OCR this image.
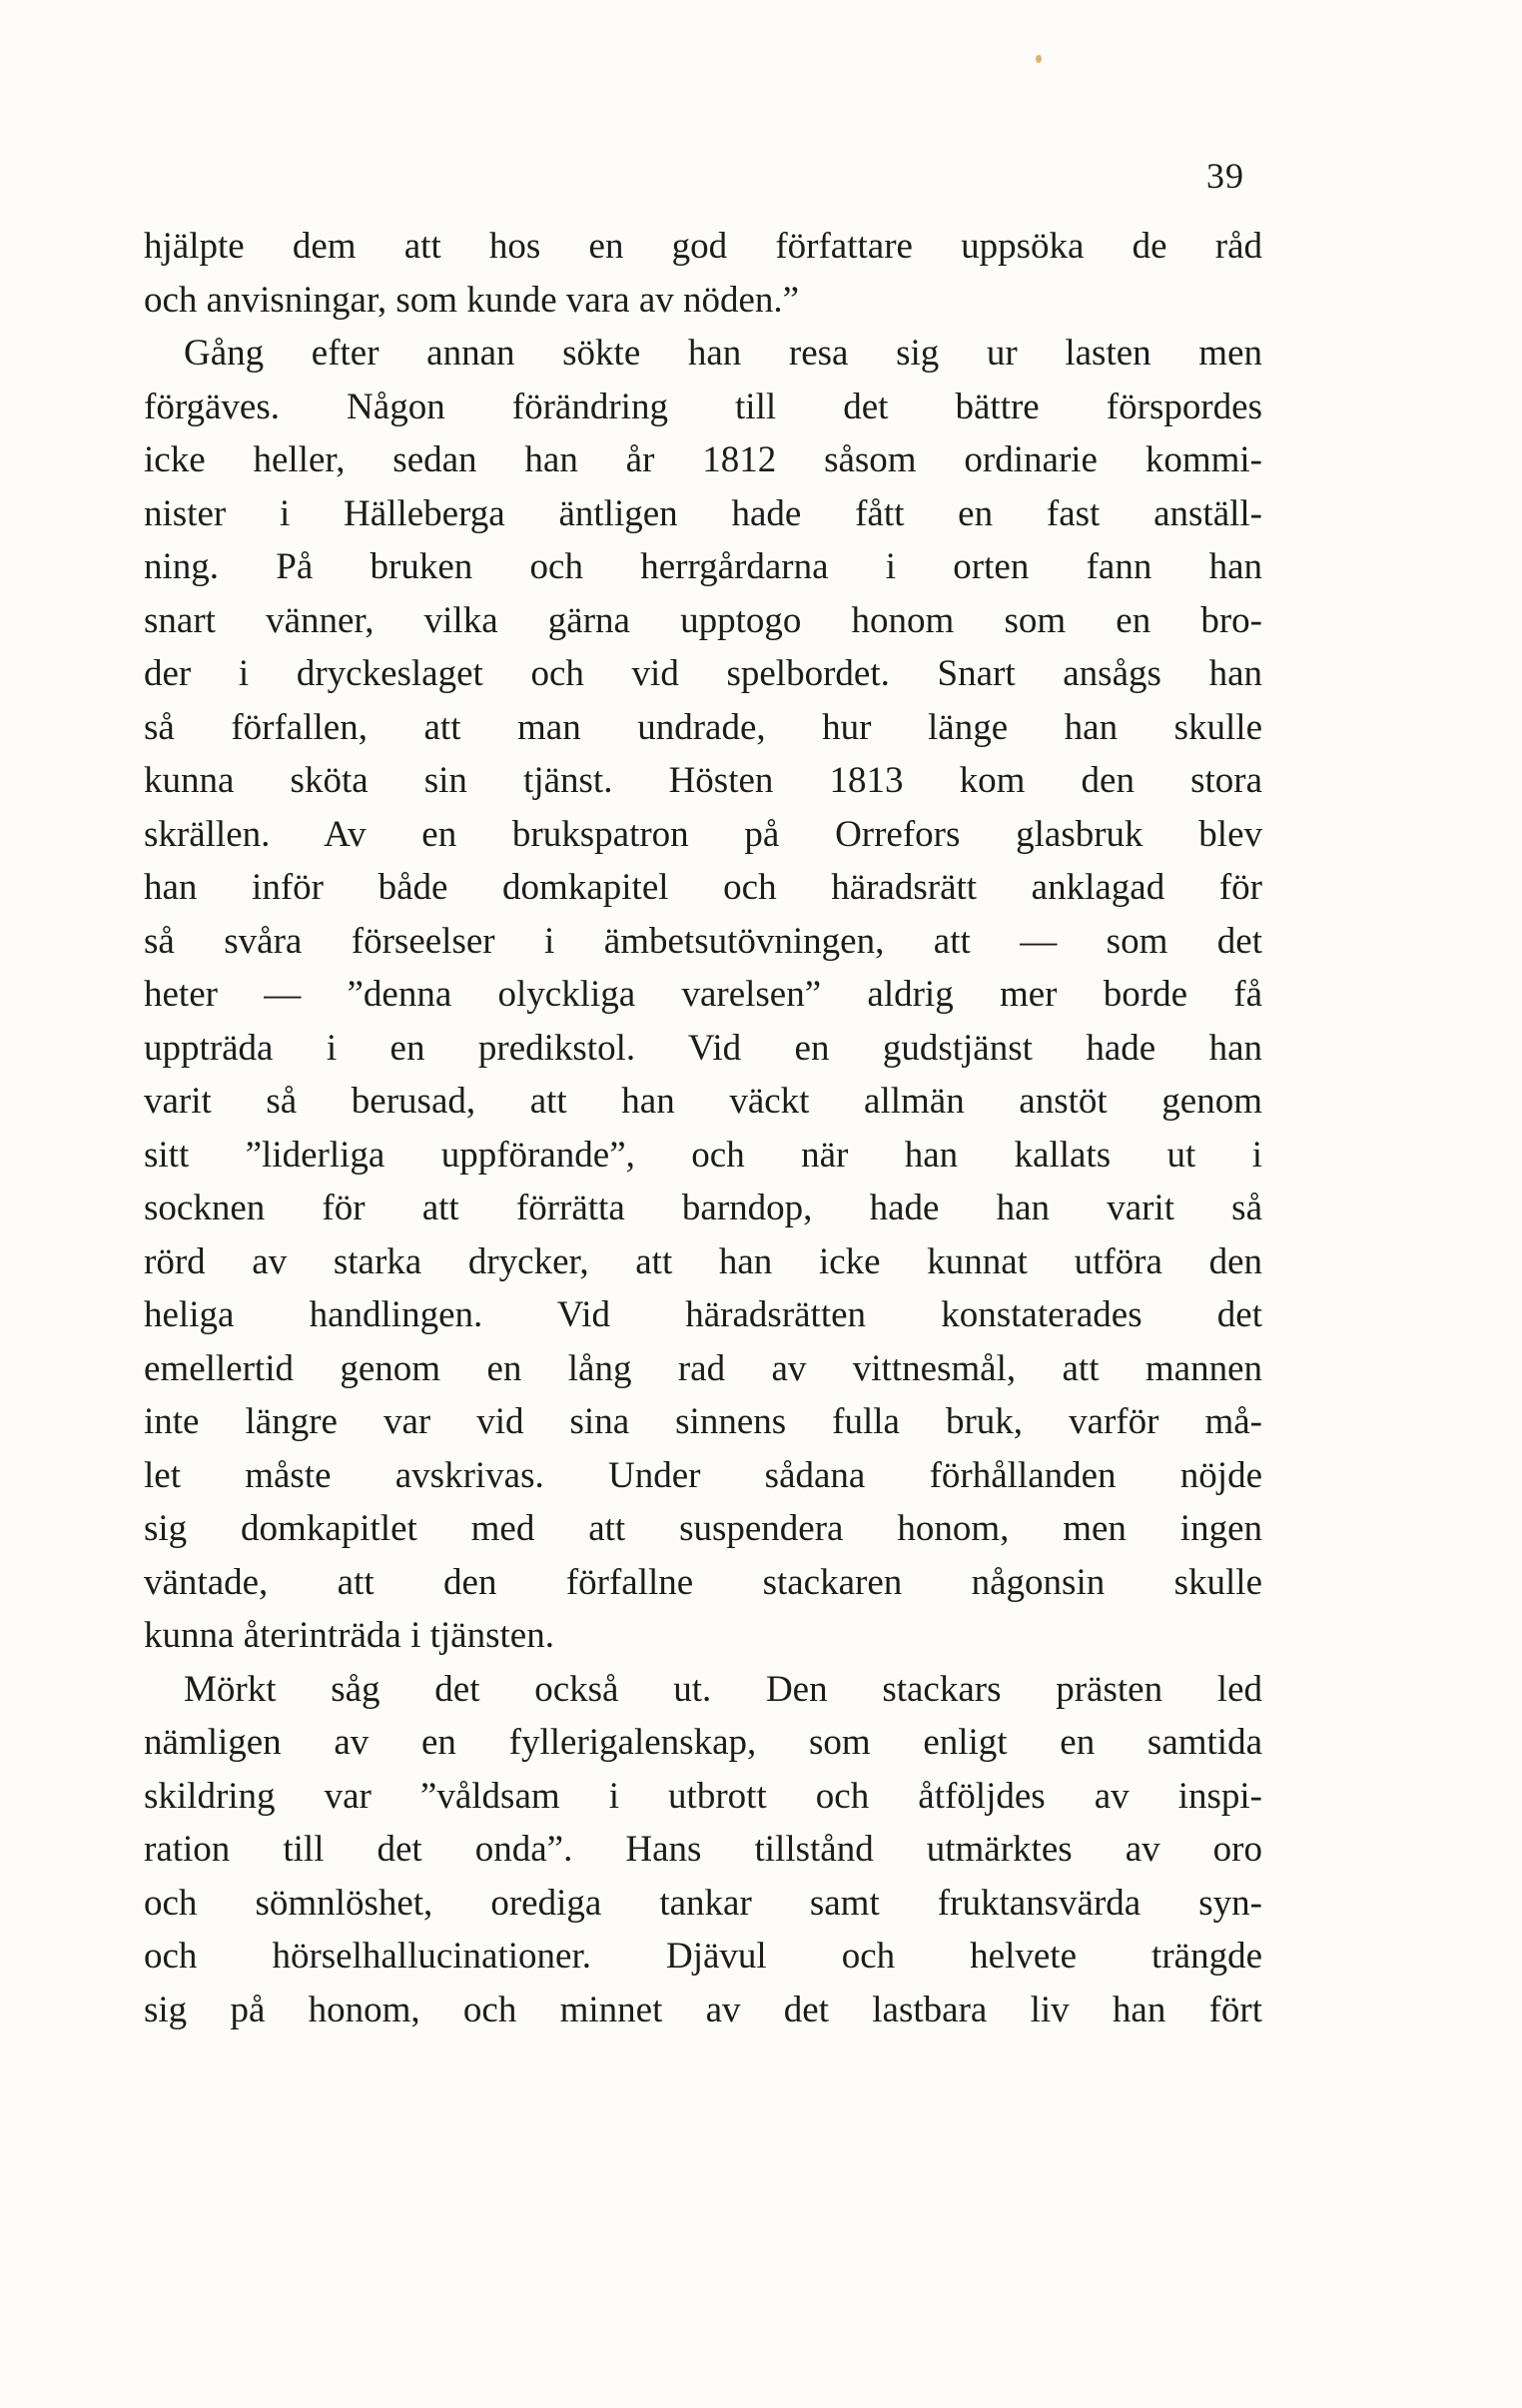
39
hjälpte dem att hos en god författare uppsöka de råd
och anvisningar, som kunde vara av nöden.”
Gång efter annan sökte han resa sig ur lasten men
förgäves. Någon förändring till det bättre förspordes
icke heller, sedan han år 1812 såsom ordinarie kommi-
nister i Hälleberga äntligen hade fått en fast anställ-
ning. På bruken och herrgårdarna i orten fann han
snart vänner, vilka gärna upptogo honom som en bro-
der i dryckeslaget och vid spelbordet. Snart ansågs han
så förfallen, att man undrade, hur länge han skulle
kunna sköta sin tjänst. Hösten 1813 kom den stora
skrällen. Av en brukspatron på Orrefors glasbruk blev
han inför både domkapitel och häradsrätt anklagad för
så svåra förseelser i ämbetsutövningen, att — som det
heter — ”denna olyckliga varelsen” aldrig mer borde få
uppträda i en predikstol. Vid en gudstjänst hade han
varit så berusad, att han väckt allmän anstöt genom
sitt ”liderliga uppförande”, och när han kallats ut i
socknen för att förrätta barndop, hade han varit så
rörd av starka drycker, att han icke kunnat utföra den
heliga handlingen. Vid häradsrätten konstaterades det
emellertid genom en lång rad av vittnesmål, att mannen
inte längre var vid sina sinnens fulla bruk, varför må-
let måste avskrivas. Under sådana förhållanden nöjde
sig domkapitlet med att suspendera honom, men ingen
väntade, att den förfallne stackaren någonsin skulle
kunna återinträda i tjänsten.
Mörkt såg det också ut. Den stackars prästen led
nämligen av en fyllerigalenskap, som enligt en samtida
skildring var ”våldsam i utbrott och åtföljdes av inspi-
ration till det onda”. Hans tillstånd utmärktes av oro
och sömnlöshet, orediga tankar samt fruktansvärda syn-
och hörselhallucinationer. Djävul och helvete trängde
sig på honom, och minnet av det lastbara liv han fört
